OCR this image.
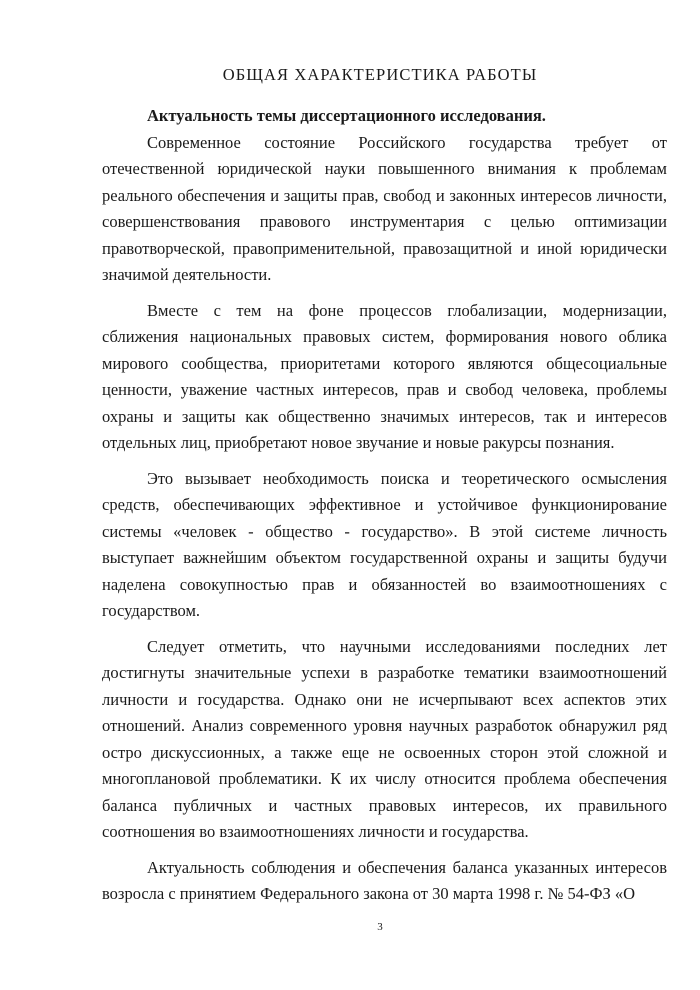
ОБЩАЯ ХАРАКТЕРИСТИКА РАБОТЫ

Актуальность темы диссертационного исследования.

Современное состояние Российского государства требует от отечественной юридической науки повышенного внимания к проблемам реального обеспечения и защиты прав, свобод и законных интересов личности, совершенствования правового инструментария с целью оптимизации правотворческой, правоприменительной, правозащитной и иной юридически значимой деятельности.

Вместе с тем на фоне процессов глобализации, модернизации, сближения национальных правовых систем, формирования нового облика мирового сообщества, приоритетами которого являются общесоциальные ценности, уважение частных интересов, прав и свобод человека, проблемы охраны и защиты как общественно значимых интересов, так и интересов отдельных лиц, приобретают новое звучание и новые ракурсы познания.

Это вызывает необходимость поиска и теоретического осмысления средств, обеспечивающих эффективное и устойчивое функционирование системы «человек - общество - государство». В этой системе личность выступает важнейшим объектом государственной охраны и защиты будучи наделена совокупностью прав и обязанностей во взаимоотношениях с государством.

Следует отметить, что научными исследованиями последних лет достигнуты значительные успехи в разработке тематики взаимоотношений личности и государства. Однако они не исчерпывают всех аспектов этих отношений. Анализ современного уровня научных разработок обнаружил ряд остро дискуссионных, а также еще не освоенных сторон этой сложной и многоплановой проблематики. К их числу относится проблема обеспечения баланса публичных и частных правовых интересов, их правильного соотношения во взаимоотношениях личности и государства.

Актуальность соблюдения и обеспечения баланса указанных интересов возросла с принятием Федерального закона от 30 марта 1998 г. № 54-ФЗ «О

3
